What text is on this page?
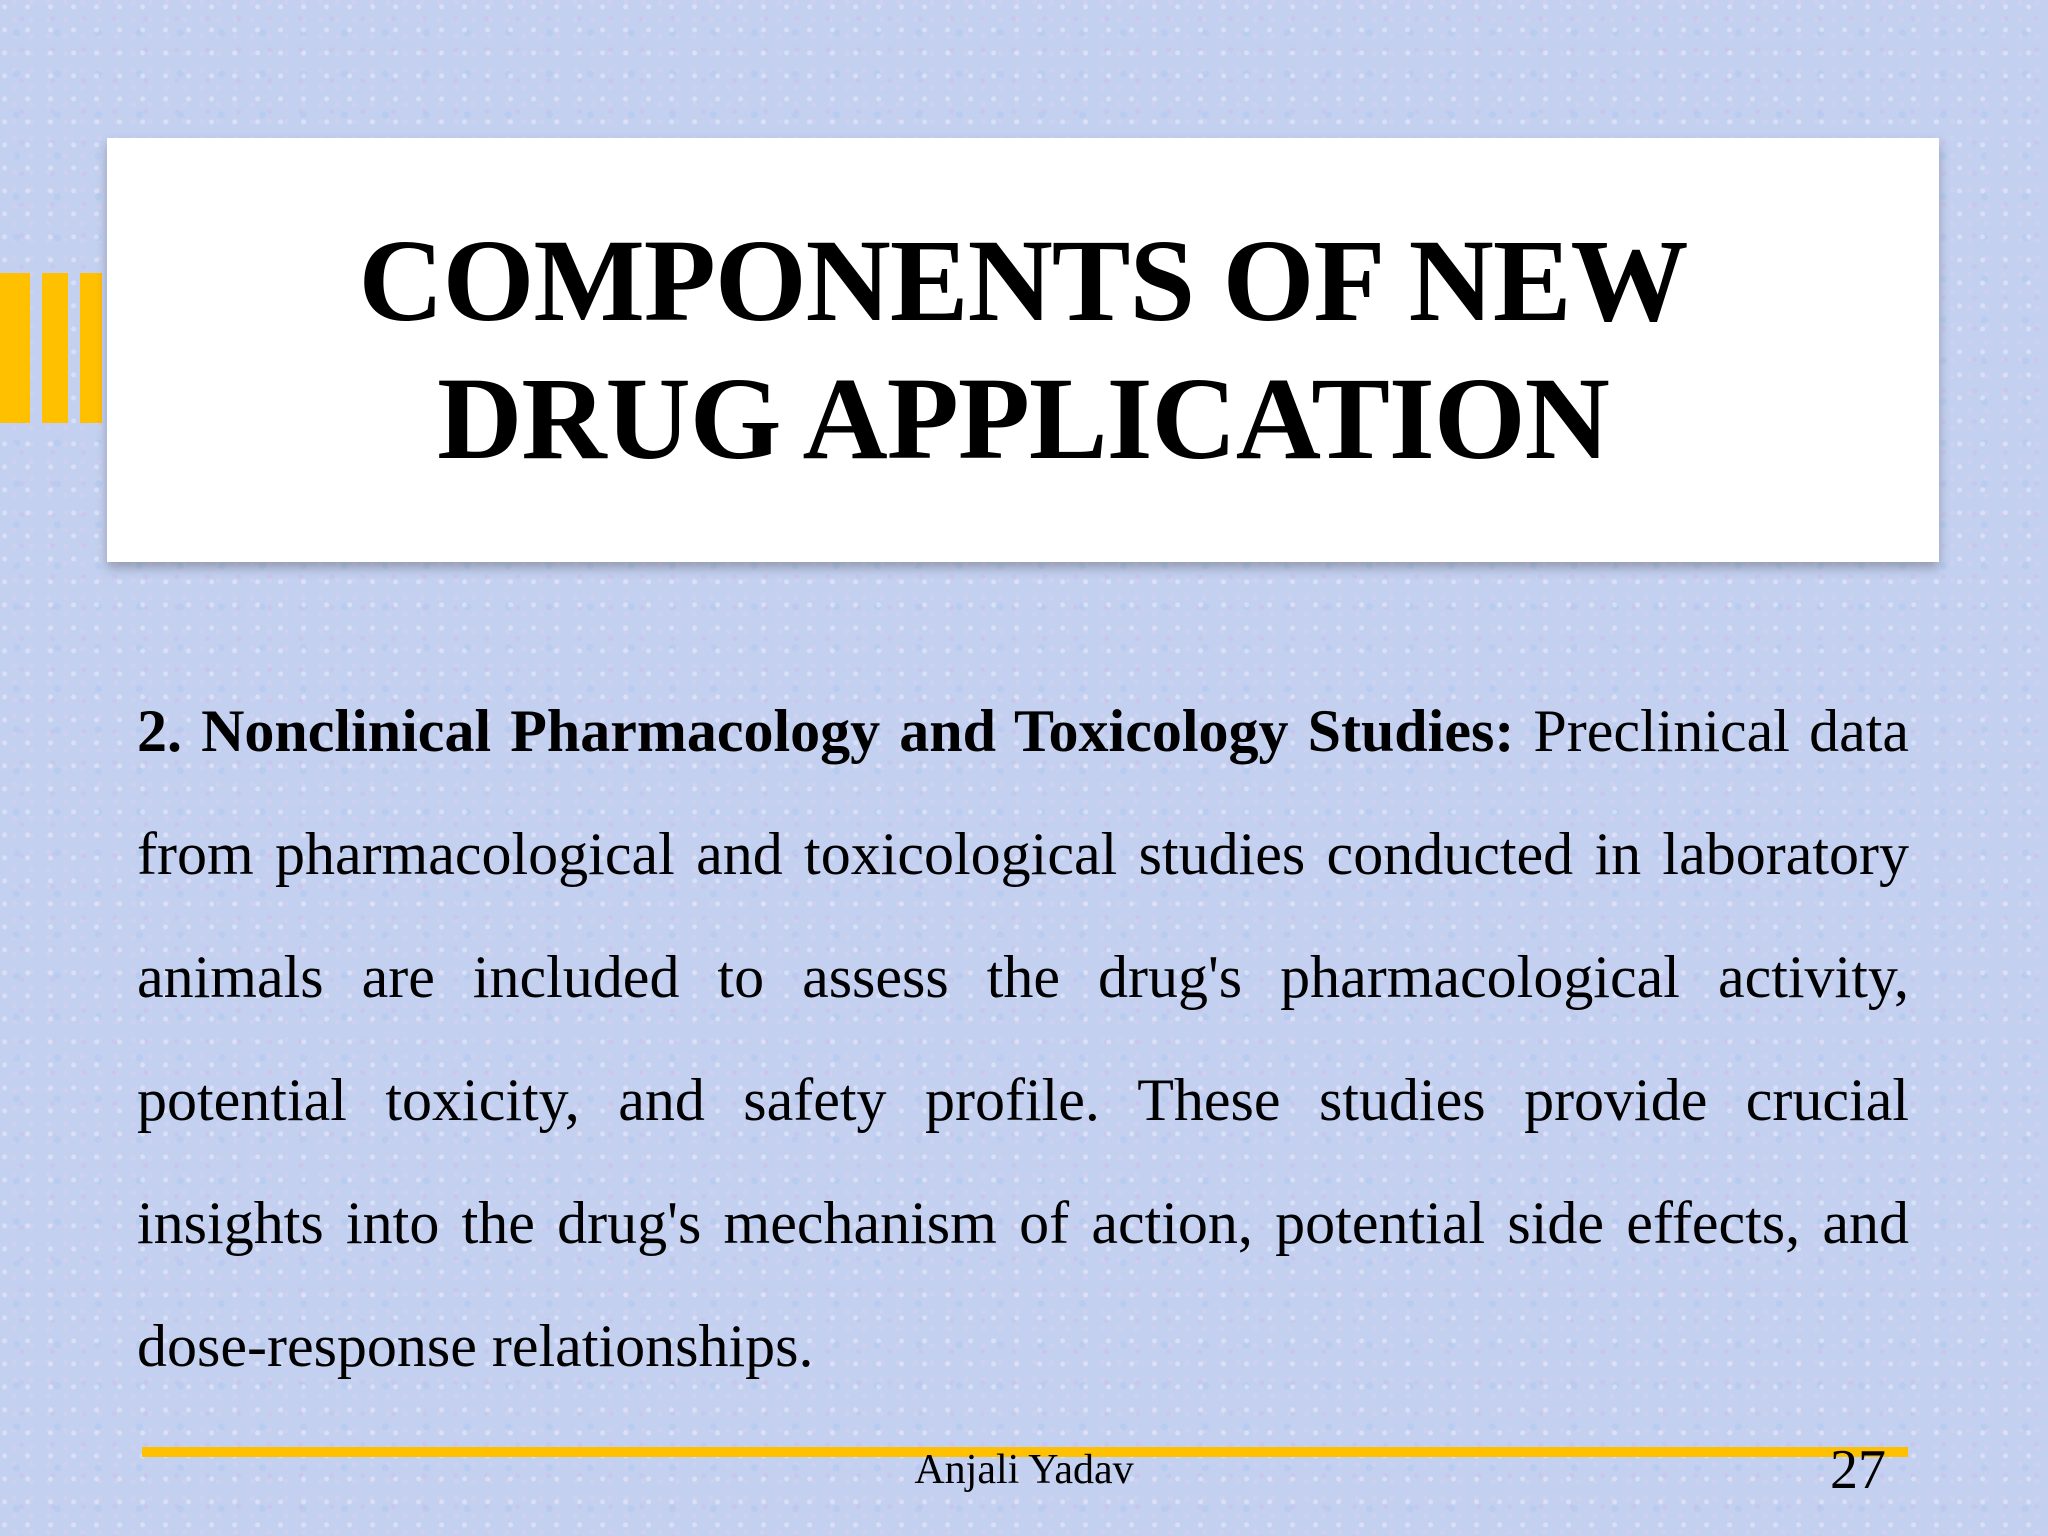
COMPONENTS OF NEW
DRUG APPLICATION

2. Nonclinical Pharmacology and Toxicology Studies: Preclinical data from pharmacological and toxicological studies conducted in laboratory animals are included to assess the drug's pharmacological activity, potential toxicity, and safety profile. These studies provide crucial insights into the drug's mechanism of action, potential side effects, and dose-response relationships.

Anjali Yadav	27
